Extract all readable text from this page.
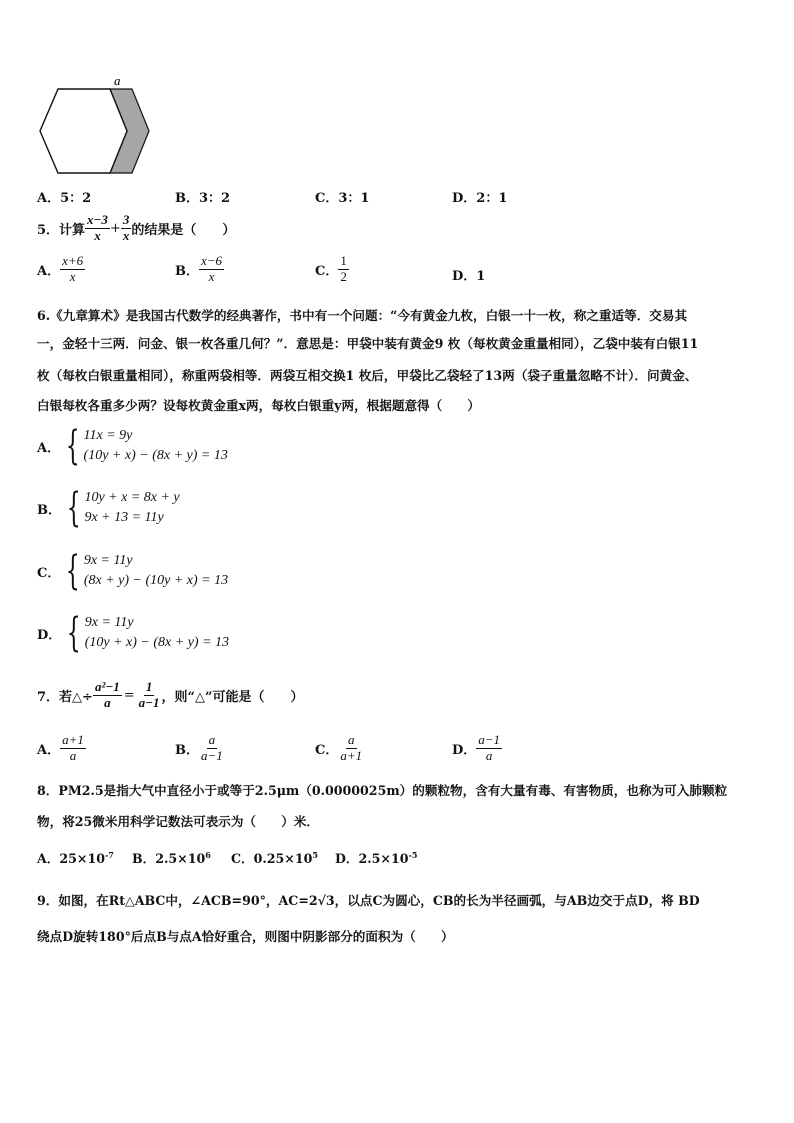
a
A．5：2	B．3：2	C．3：1	D．2：1
5．计算 $\frac{x-3}{x} + \frac{3}{x}$ 的结果是（　　）
A． $\frac{x+6}{x}$	B． $\frac{x-6}{x}$	C． $\frac{1}{2}$	D．1
6.《九章算术》是我国古代数学的经典著作，书中有一个问题：“今有黄金九枚，白银一十一枚，称之重适等．交易其
一，金轻十三两．问金、银一枚各重几何？”．意思是：甲袋中装有黄金9 枚（每枚黄金重量相同），乙袋中装有白银11
枚（每枚白银重量相同），称重两袋相等．两袋互相交换1 枚后，甲袋比乙袋轻了13两（袋子重量忽略不计）．问黄金、
白银每枚各重多少两？设每枚黄金重x两，每枚白银重y两，根据题意得（　　）
A． { 11x = 9y
(10y + x) − (8x + y) = 13
B． { 10y + x = 8x + y
9x + 13 = 11y
C． { 9x = 11y
(8x + y) − (10y + x) = 13
D． { 9x = 11y
(10y + x) − (8x + y) = 13
7．若△÷ $\frac{\text{a²−1}}{a} = \frac{1}{a-1}$ ，则“△”可能是（　　）
A． $\frac{a+1}{a}$	B． $\frac{a}{a-1}$	C． $\frac{a}{a+1}$	D． $\frac{a-1}{a}$
8．PM2.5是指大气中直径小于或等于2.5μm（0.0000025m）的颗粒物，含有大量有毒、有害物质，也称为可入肺颗粒
物，将25微米用科学记数法可表示为（　　）米．
A．$25\times 10^{-7}$ B．$2.5\times 10^6$ C．$0.25\times 10^5$ D．$2.5\times 10^{-5}$
9．如图，在Rt△ABC中，∠ACB=90°，AC=2√3，以点C为圆心，CB的长为半径画弧，与AB边交于点D，将 BD
绕点D旋转180°后点B与点A恰好重合，则图中阴影部分的面积为（　　）
